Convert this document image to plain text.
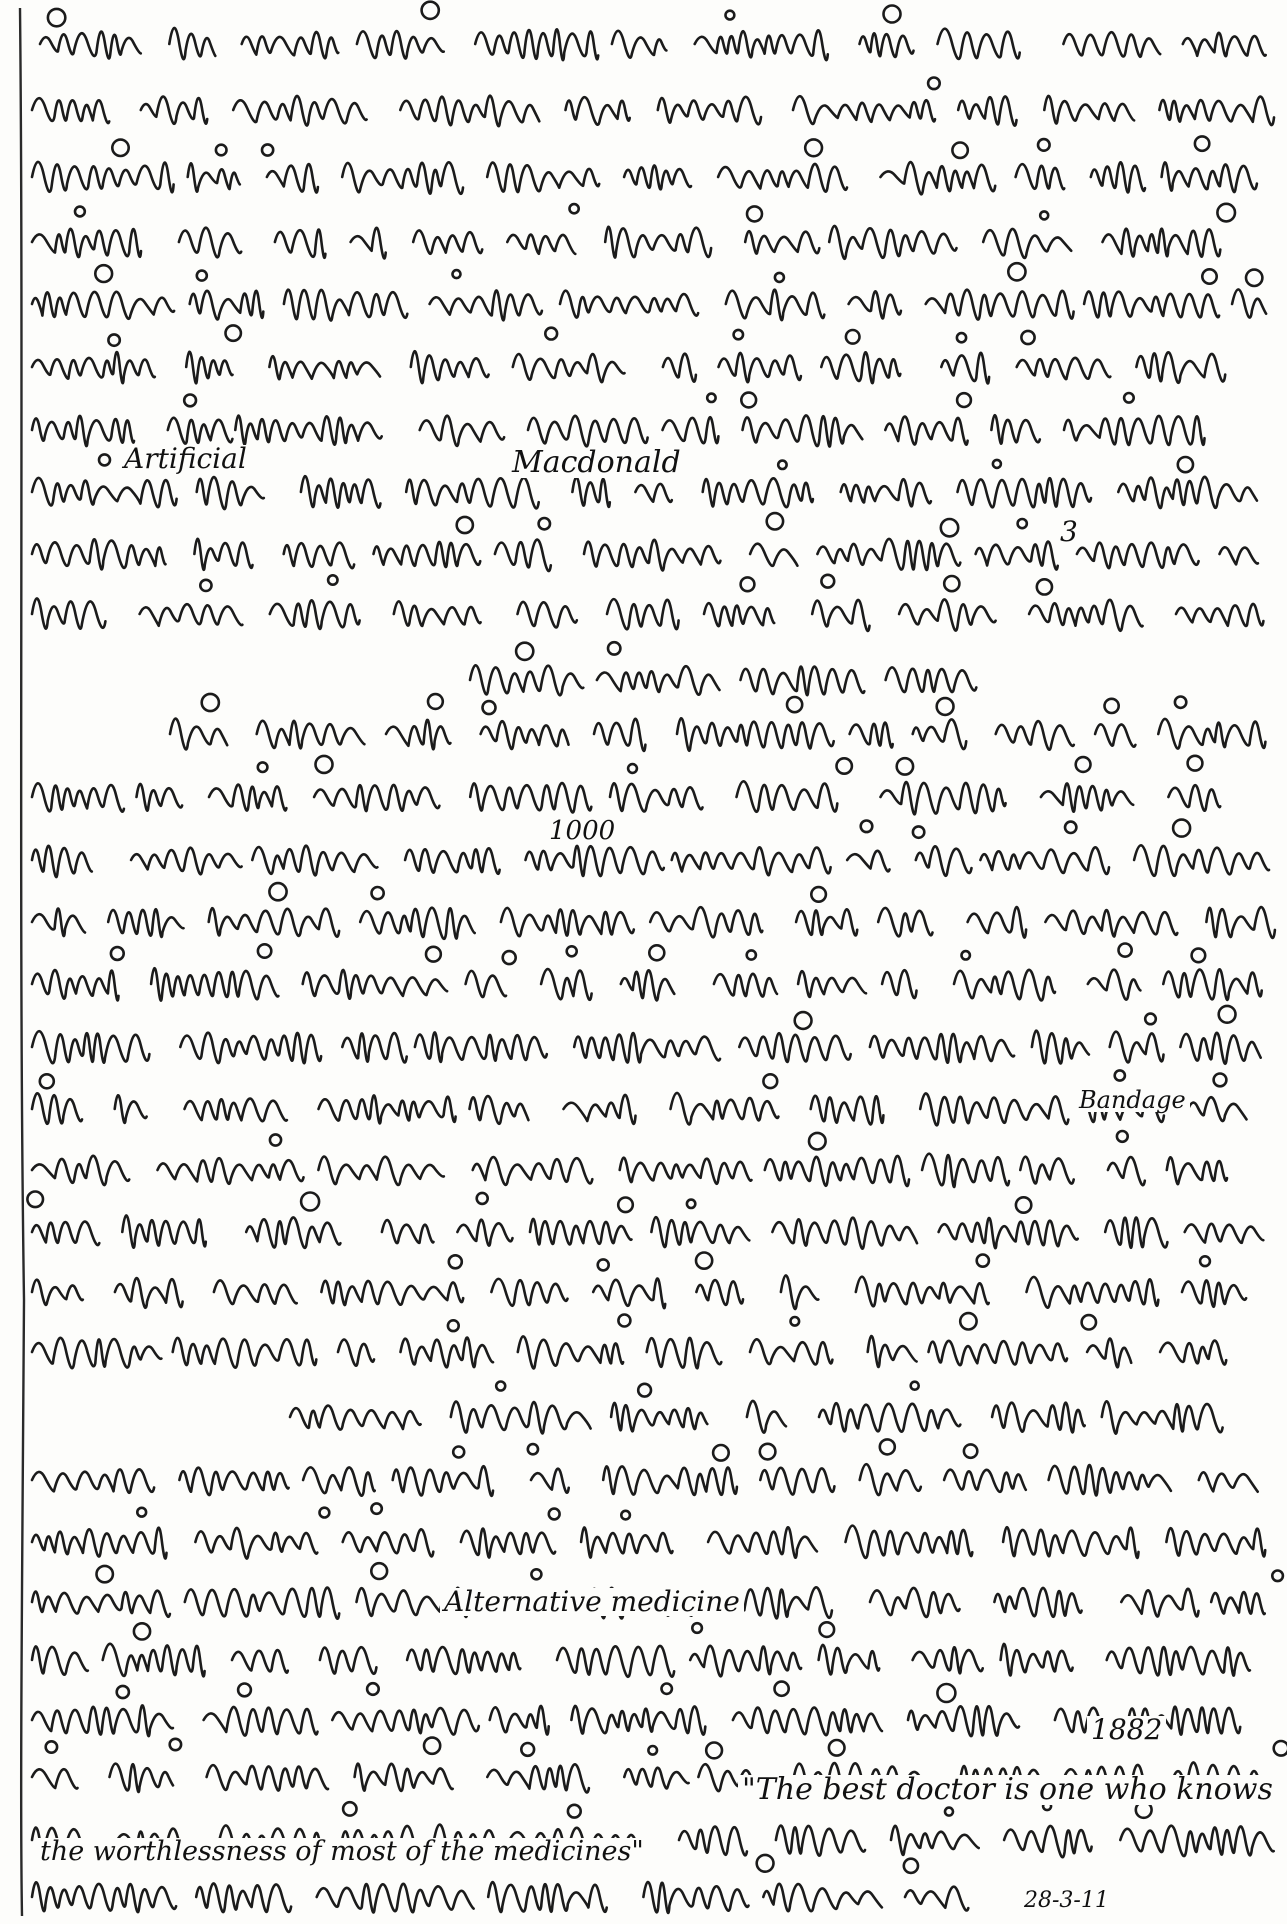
Artificial	Macdonald
3
1000
Bandage
Alternative medicine
1882
"The best doctor is one who knows
the worthlessness of most of the medicines"
28-3-11
